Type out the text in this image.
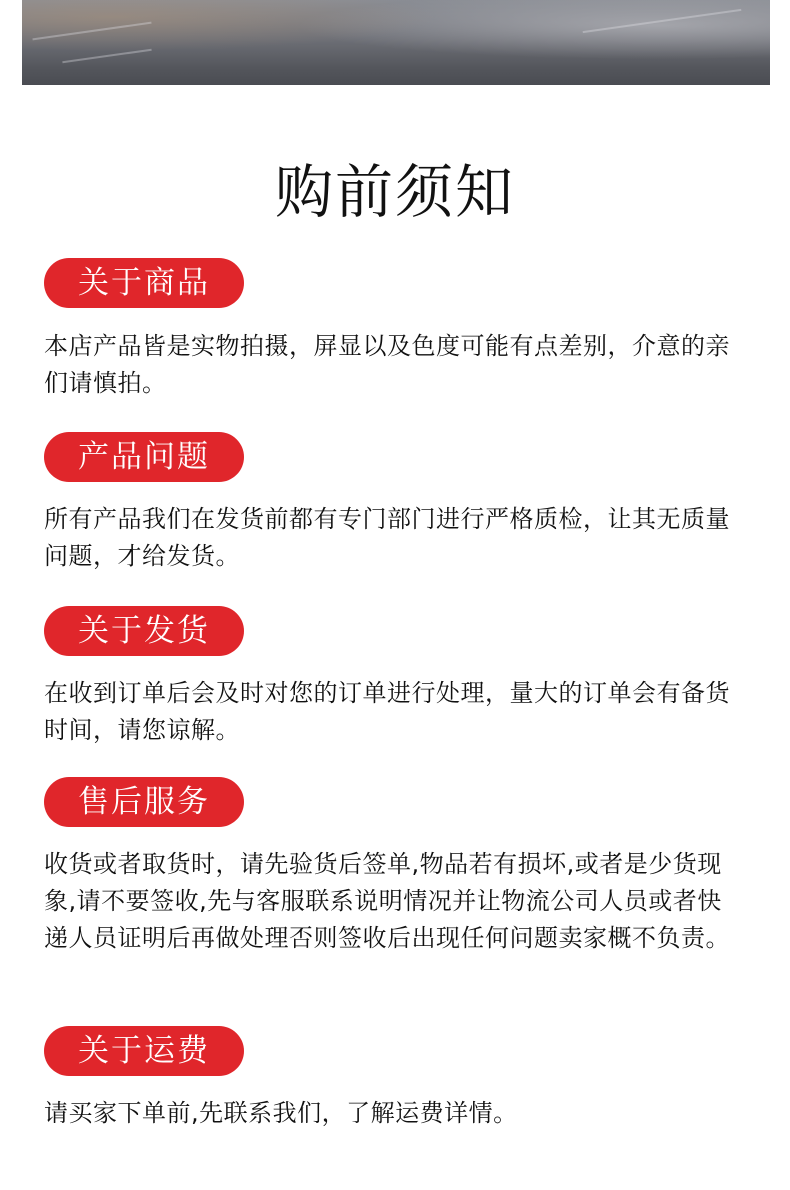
购前须知
关于商品

本店产品皆是实物拍摄，屏显以及色度可能有点差别，介意的亲们请慎拍。

产品问题

所有产品我们在发货前都有专门部门进行严格质检，让其无质量问题，才给发货。

关于发货

在收到订单后会及时对您的订单进行处理，量大的订单会有备货时间，请您谅解。

售后服务

收货或者取货时，请先验货后签单,物品若有损坏,或者是少货现象,请不要签收,先与客服联系说明情况并让物流公司人员或者快递人员证明后再做处理否则签收后出现任何问题卖家概不负责。

关于运费

请买家下单前,先联系我们，了解运费详情。
